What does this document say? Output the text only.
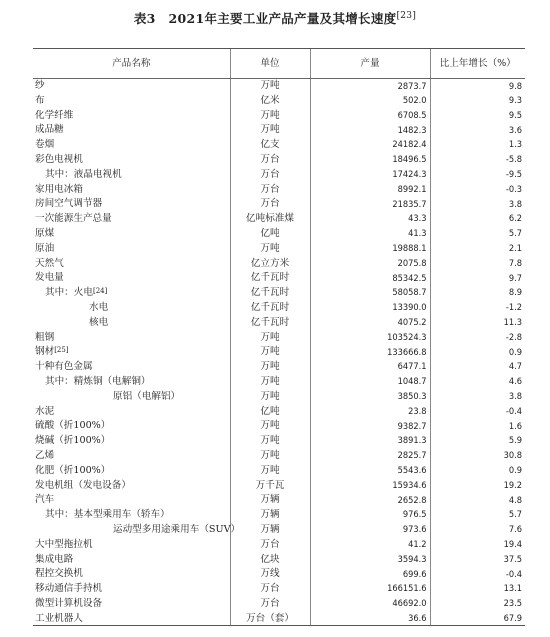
表3　2021年主要工业产品产量及其增长速度[23]
产品名称	单位	产量	比上年增长（%）
纱	万吨	2873.7	9.8
布	亿米	502.0	9.3
化学纤维	万吨	6708.5	9.5
成品糖	万吨	1482.3	3.6
卷烟	亿支	24182.4	1.3
彩色电视机	万台	18496.5	-5.8
其中：液晶电视机	万台	17424.3	-9.5
家用电冰箱	万台	8992.1	-0.3
房间空气调节器	万台	21835.7	3.8
一次能源生产总量	亿吨标准煤	43.3	6.2
原煤	亿吨	41.3	5.7
原油	万吨	19888.1	2.1
天然气	亿立方米	2075.8	7.8
发电量	亿千瓦时	85342.5	9.7
其中：火电[24]	亿千瓦时	58058.7	8.9
水电	亿千瓦时	13390.0	-1.2
核电	亿千瓦时	4075.2	11.3
粗钢	万吨	103524.3	-2.8
钢材[25]	万吨	133666.8	0.9
十种有色金属	万吨	6477.1	4.7
其中：精炼铜（电解铜）	万吨	1048.7	4.6
原铝（电解铝）	万吨	3850.3	3.8
水泥	亿吨	23.8	-0.4
硫酸（折100%）	万吨	9382.7	1.6
烧碱（折100%）	万吨	3891.3	5.9
乙烯	万吨	2825.7	30.8
化肥（折100%）	万吨	5543.6	0.9
发电机组（发电设备）	万千瓦	15934.6	19.2
汽车	万辆	2652.8	4.8
其中：基本型乘用车（轿车）	万辆	976.5	5.7
运动型多用途乘用车（SUV）	万辆	973.6	7.6
大中型拖拉机	万台	41.2	19.4
集成电路	亿块	3594.3	37.5
程控交换机	万线	699.6	-0.4
移动通信手持机	万台	166151.6	13.1
微型计算机设备	万台	46692.0	23.5
工业机器人	万台（套）	36.6	67.9
